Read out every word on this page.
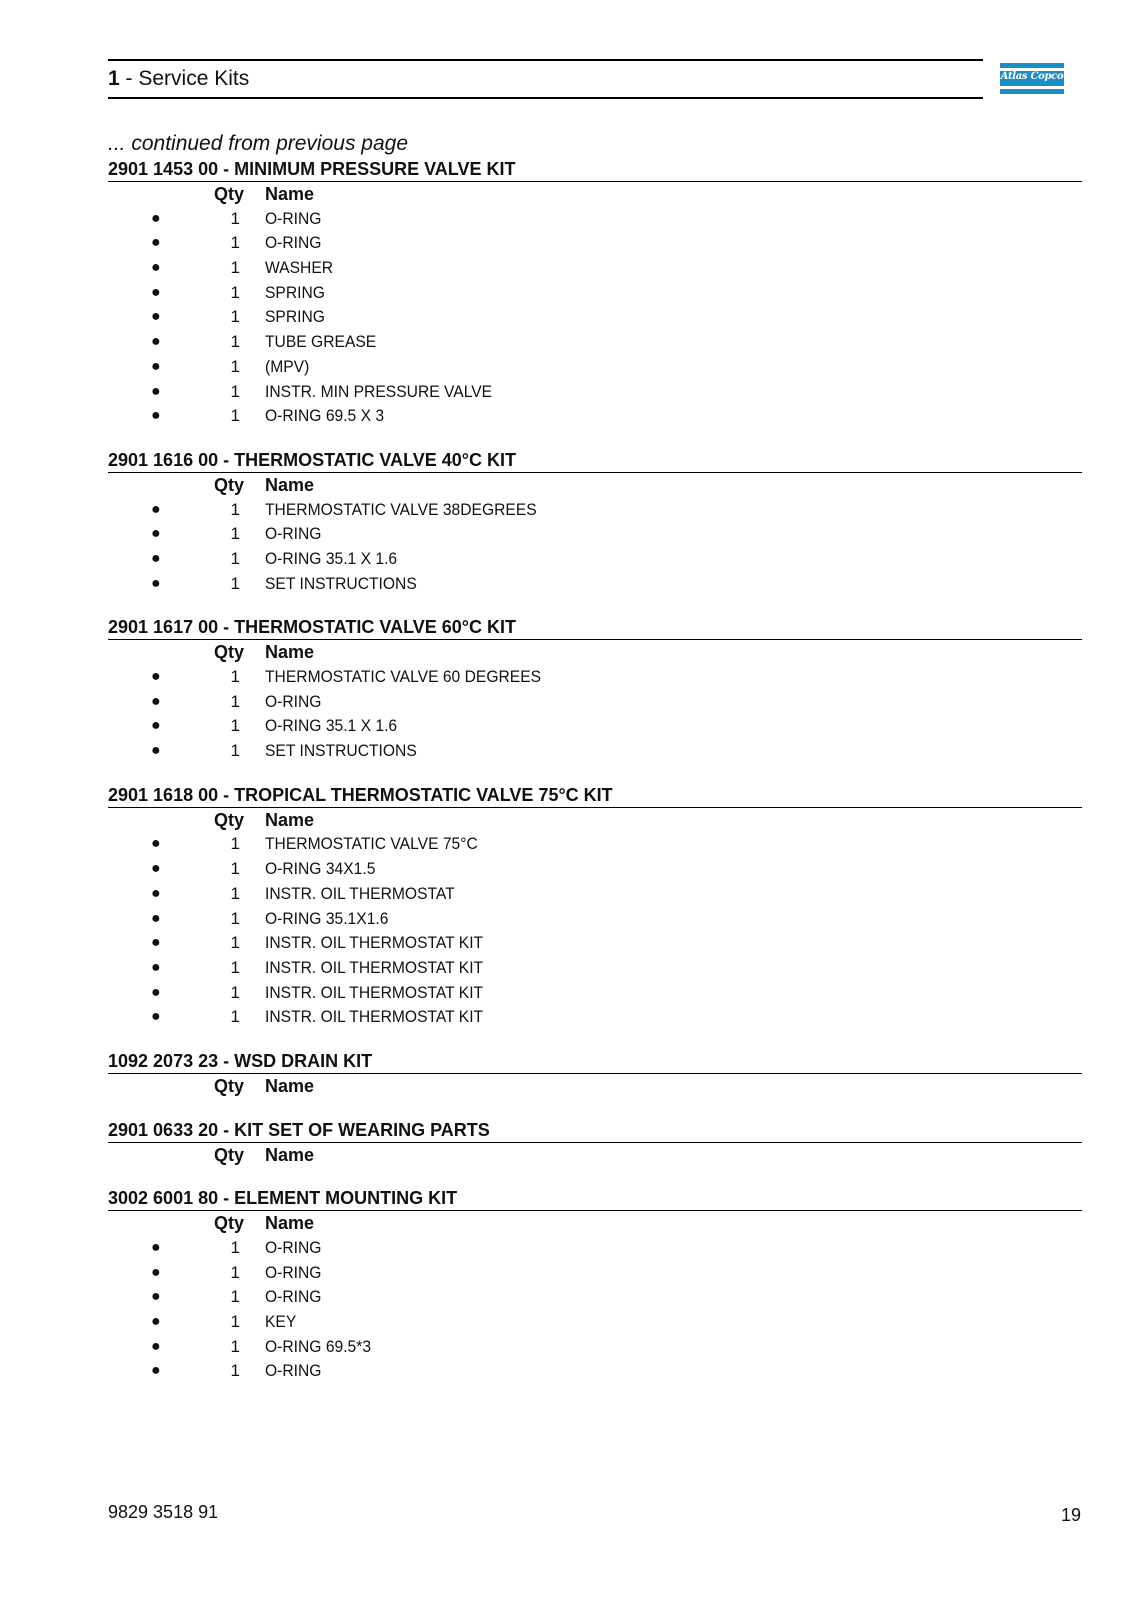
1 - Service Kits	Atlas Copco
... continued from previous page
2901 1453 00 - MINIMUM PRESSURE VALVE KIT
Qty Name
●	1 O-RING
●	1 O-RING
●	1 WASHER
●	1 SPRING
●	1 SPRING
●	1 TUBE GREASE
●	1 (MPV)
●	1 INSTR. MIN PRESSURE VALVE
●	1 O-RING 69.5 X 3
2901 1616 00 - THERMOSTATIC VALVE 40°C KIT
Qty Name
●	1 THERMOSTATIC VALVE 38DEGREES
●	1 O-RING
●	1 O-RING 35.1 X 1.6
●	1 SET INSTRUCTIONS
2901 1617 00 - THERMOSTATIC VALVE 60°C KIT
Qty Name
●	1 THERMOSTATIC VALVE 60 DEGREES
●	1 O-RING
●	1 O-RING 35.1 X 1.6
●	1 SET INSTRUCTIONS
2901 1618 00 - TROPICAL THERMOSTATIC VALVE 75°C KIT
Qty Name
●	1 THERMOSTATIC VALVE 75°C
●	1 O-RING 34X1.5
●	1 INSTR. OIL THERMOSTAT
●	1 O-RING 35.1X1.6
●	1 INSTR. OIL THERMOSTAT KIT
●	1 INSTR. OIL THERMOSTAT KIT
●	1 INSTR. OIL THERMOSTAT KIT
●	1 INSTR. OIL THERMOSTAT KIT
1092 2073 23 - WSD DRAIN KIT
Qty Name
2901 0633 20 - KIT SET OF WEARING PARTS
Qty Name
3002 6001 80 - ELEMENT MOUNTING KIT
Qty Name
●	1 O-RING
●	1 O-RING
●	1 O-RING
●	1 KEY
●	1 O-RING 69.5*3
●	1 O-RING
9829 3518 91	19
